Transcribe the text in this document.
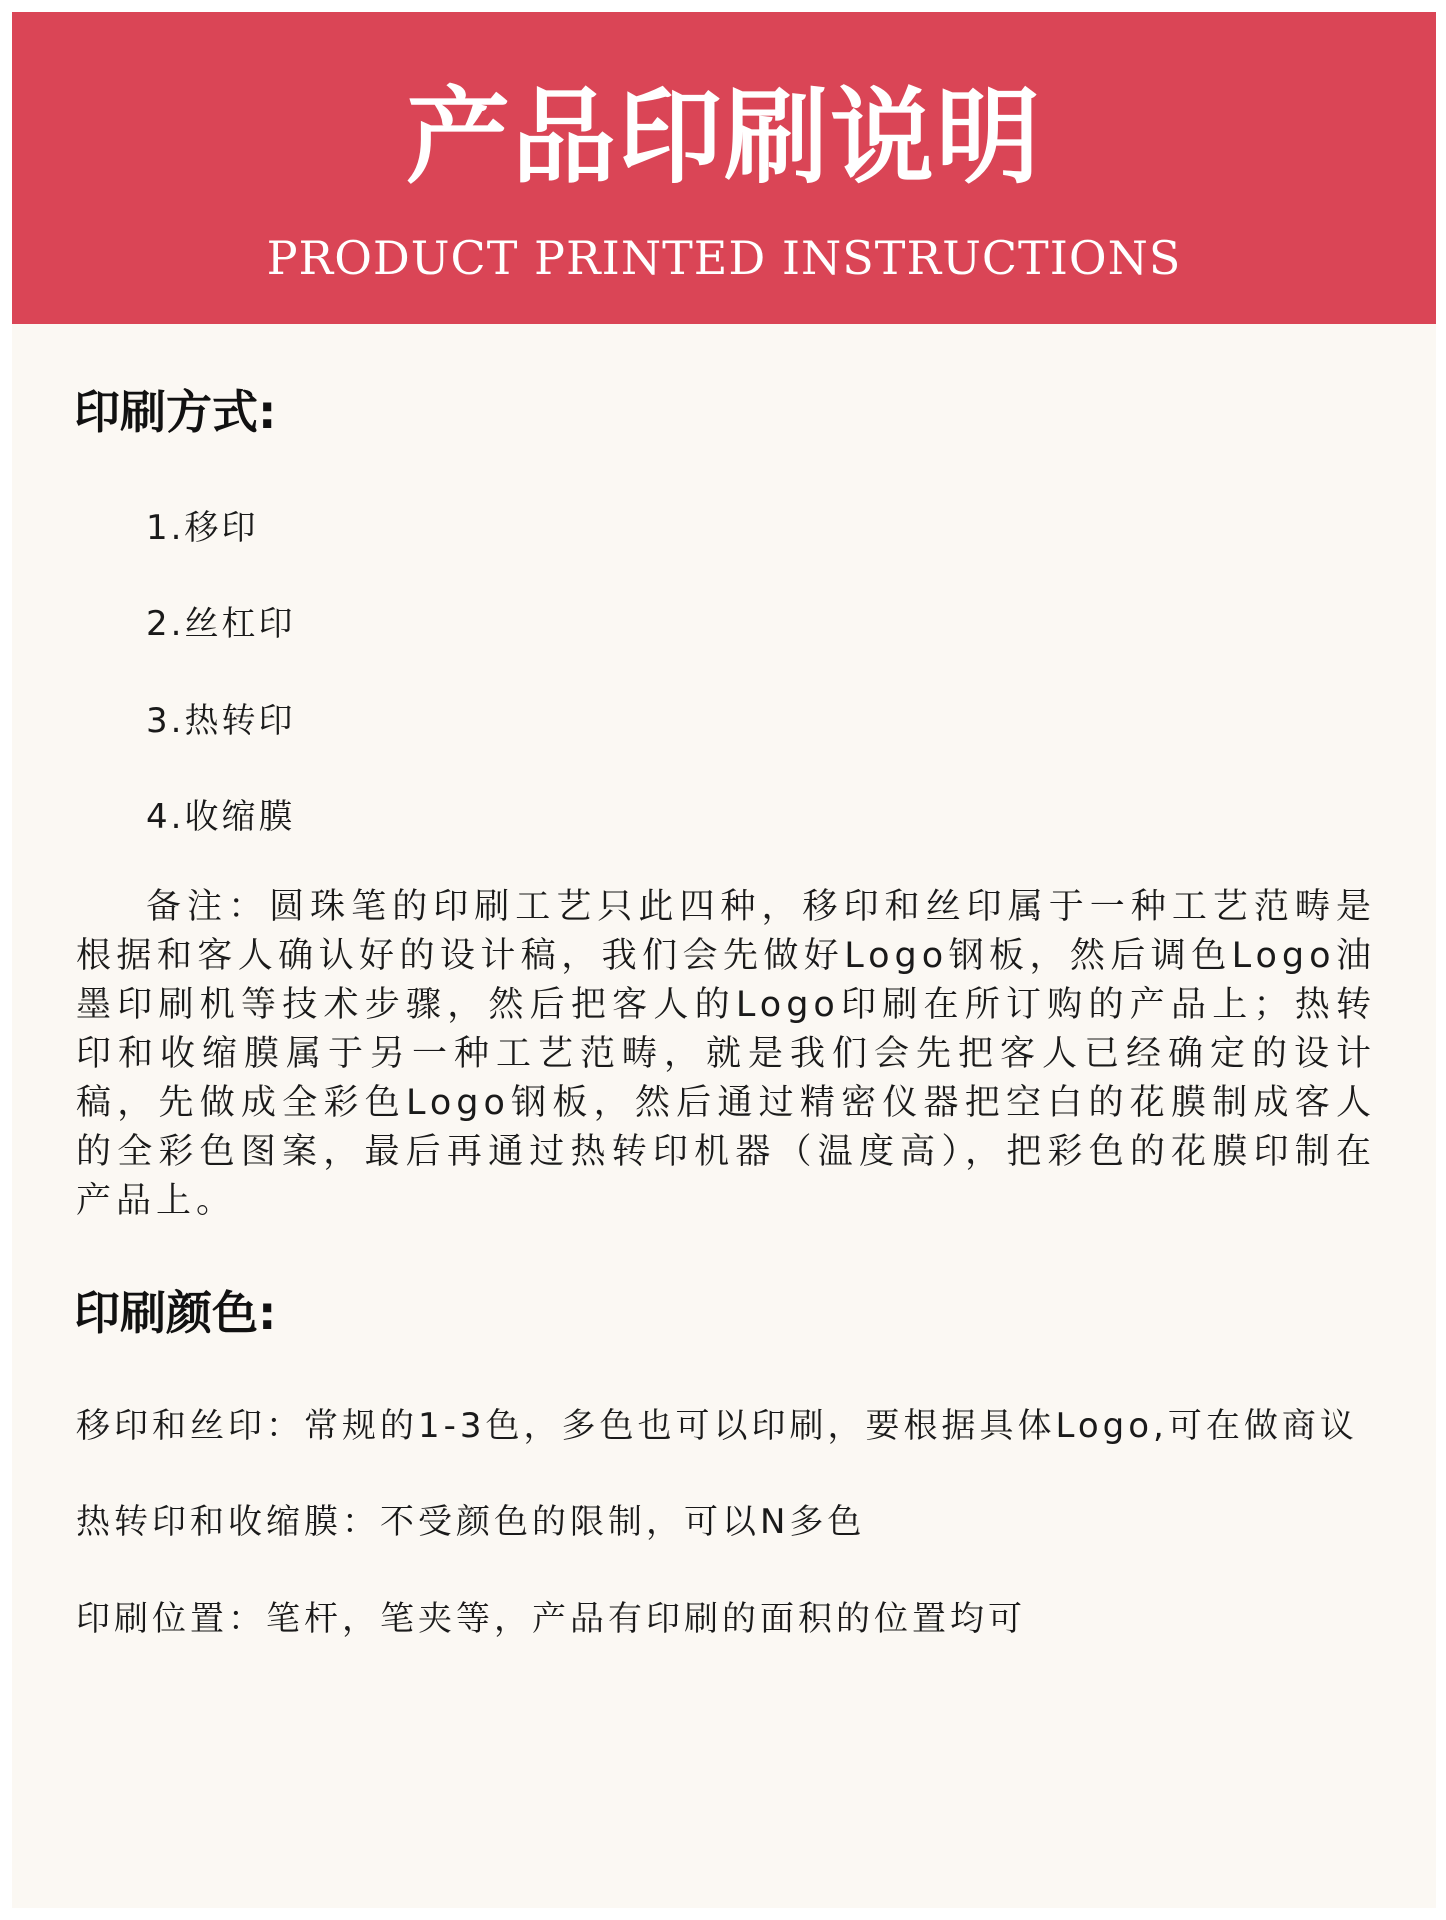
产品印刷说明
PRODUCT PRINTED INSTRUCTIONS
印刷方式:
1.移印
2.丝杠印
3.热转印
4.收缩膜
备注：圆珠笔的印刷工艺只此四种，移印和丝印属于一种工艺范畴是根据和客人确认好的设计稿，我们会先做好Logo钢板，然后调色Logo油墨印刷机等技术步骤，然后把客人的Logo印刷在所订购的产品上；热转印和收缩膜属于另一种工艺范畴，就是我们会先把客人已经确定的设计稿，先做成全彩色Logo钢板，然后通过精密仪器把空白的花膜制成客人的全彩色图案，最后再通过热转印机器（温度高），把彩色的花膜印制在产品上。
印刷颜色:
移印和丝印：常规的1-3色，多色也可以印刷，要根据具体Logo,可在做商议
热转印和收缩膜：不受颜色的限制，可以N多色
印刷位置：笔杆，笔夹等，产品有印刷的面积的位置均可
